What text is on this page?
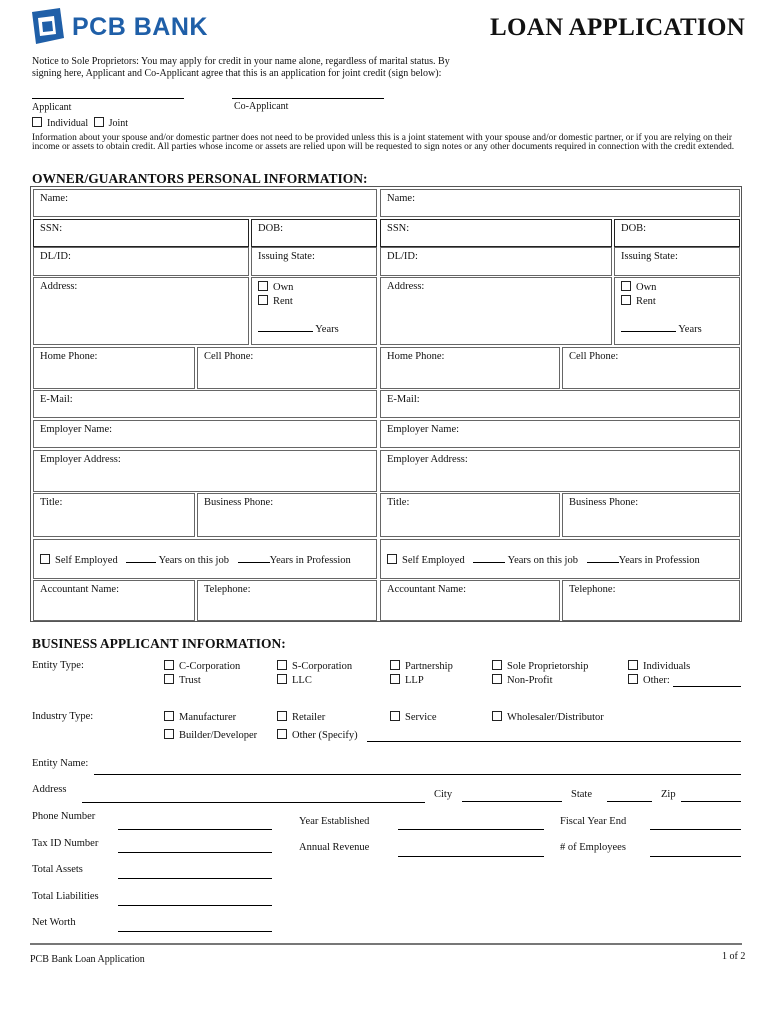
PCB BANK	LOAN APPLICATION
Notice to Sole Proprietors: You may apply for credit in your name alone, regardless of marital status. By signing here, Applicant and Co-Applicant agree that this is an application for joint credit (sign below):
Applicant	Co-Applicant
Individual Joint
Information about your spouse and/or domestic partner does not need to be provided unless this is a joint statement with your spouse and/or domestic partner, or if you are relying on their income or assets to obtain credit. All parties whose income or assets are relied upon will be requested to sign notes or any other documents required in connection with the credit extended.
OWNER/GUARANTORS PERSONAL INFORMATION:
Name:
SSN:	DOB:
DL/ID:	Issuing State:
Address:	Own
Rent
Years
Home Phone:	Cell Phone:
E-Mail:
Employer Name:
Employer Address:
Title:	Business Phone:
Self Employed	Years on this job	Years in Profession
Accountant Name:	Telephone:
Name:
SSN:	DOB:
DL/ID:	Issuing State:
Address:	Own
Rent
Years
Home Phone:	Cell Phone:
E-Mail:
Employer Name:
Employer Address:
Title:	Business Phone:
Self Employed	Years on this job	Years in Profession
Accountant Name:	Telephone:
BUSINESS APPLICANT INFORMATION:
Entity Type:	C-Corporation	S-Corporation	Partnership	Sole Proprietorship	Individuals
Trust	LLC	LLP	Non-Profit	Other:
Industry Type:	Manufacturer	Retailer	Service	Wholesaler/Distributor
Builder/Developer	Other (Specify)
Entity Name:
Address	City	State	Zip
Phone Number	Year Established	Fiscal Year End
Tax ID Number	Annual Revenue	# of Employees
Total Assets
Total Liabilities
Net Worth
PCB Bank Loan Application	1 of 2
